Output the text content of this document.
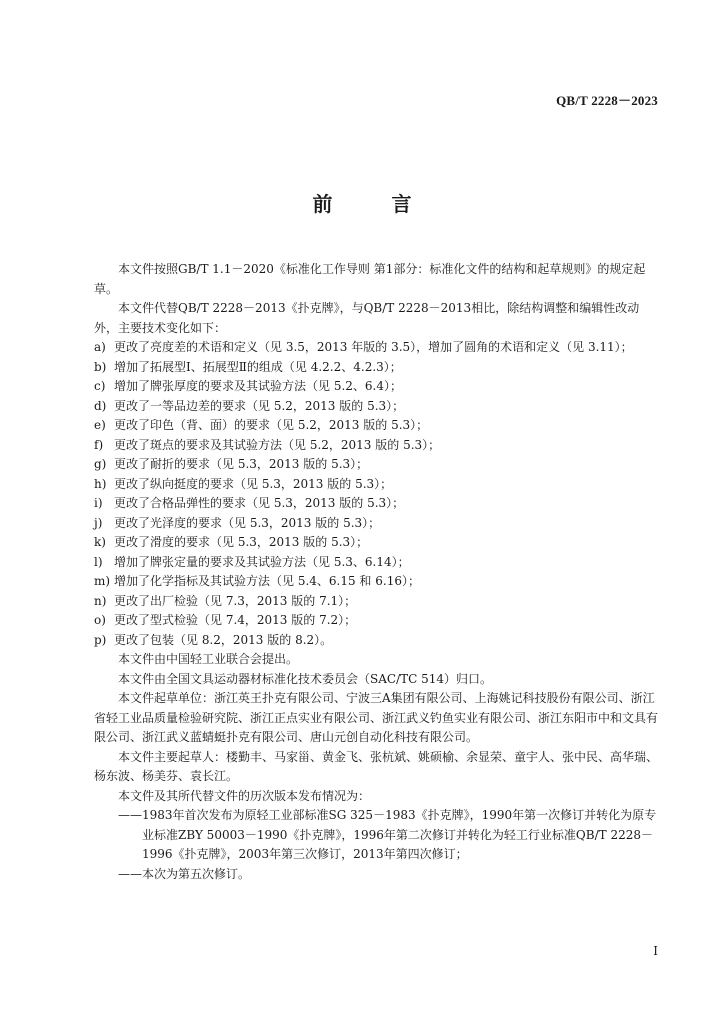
QB/T 2228－2023
前 言

本文件按照GB/T 1.1－2020《标准化工作导则 第1部分：标准化文件的结构和起草规则》的规定起草。

本文件代替QB/T 2228－2013《扑克牌》，与QB/T 2228－2013相比，除结构调整和编辑性改动外，主要技术变化如下：

a) 更改了亮度差的术语和定义（见 3.5，2013 年版的 3.5），增加了圆角的术语和定义（见 3.11）；
b) 增加了拓展型Ⅰ、拓展型Ⅱ的组成（见 4.2.2、4.2.3）；
c) 增加了牌张厚度的要求及其试验方法（见 5.2、6.4）；
d) 更改了一等品边差的要求（见 5.2，2013 版的 5.3）；
e) 更改了印色（背、面）的要求（见 5.2，2013 版的 5.3）；
f) 更改了斑点的要求及其试验方法（见 5.2，2013 版的 5.3）；
g) 更改了耐折的要求（见 5.3，2013 版的 5.3）；
h) 更改了纵向挺度的要求（见 5.3，2013 版的 5.3）；
i) 更改了合格品弹性的要求（见 5.3，2013 版的 5.3）；
j) 更改了光泽度的要求（见 5.3，2013 版的 5.3）；
k) 更改了滑度的要求（见 5.3，2013 版的 5.3）；
l) 增加了牌张定量的要求及其试验方法（见 5.3、6.14）；
m) 增加了化学指标及其试验方法（见 5.4、6.15 和 6.16）；
n) 更改了出厂检验（见 7.3，2013 版的 7.1）；
o) 更改了型式检验（见 7.4，2013 版的 7.2）；
p) 更改了包装（见 8.2，2013 版的 8.2）。

本文件由中国轻工业联合会提出。

本文件由全国文具运动器材标准化技术委员会（SAC/TC 514）归口。

本文件起草单位：浙江英王扑克有限公司、宁波三A集团有限公司、上海姚记科技股份有限公司、浙江省轻工业品质量检验研究院、浙江正点实业有限公司、浙江武义钓鱼实业有限公司、浙江东阳市中和文具有限公司、浙江武义蓝蜻蜓扑克有限公司、唐山元创自动化科技有限公司。

本文件主要起草人：楼勤丰、马家甾、黄金飞、张杭斌、姚硕榆、余显荣、童宇人、张中民、高华瑞、杨东波、杨美芬、袁长江。

本文件及其所代替文件的历次版本发布情况为：

——1983年首次发布为原轻工业部标准SG 325－1983《扑克牌》，1990年第一次修订并转化为原专业标准ZBY 50003－1990《扑克牌》，1996年第二次修订并转化为轻工行业标准QB/T 2228－1996《扑克牌》，2003年第三次修订，2013年第四次修订；

——本次为第五次修订。

I
